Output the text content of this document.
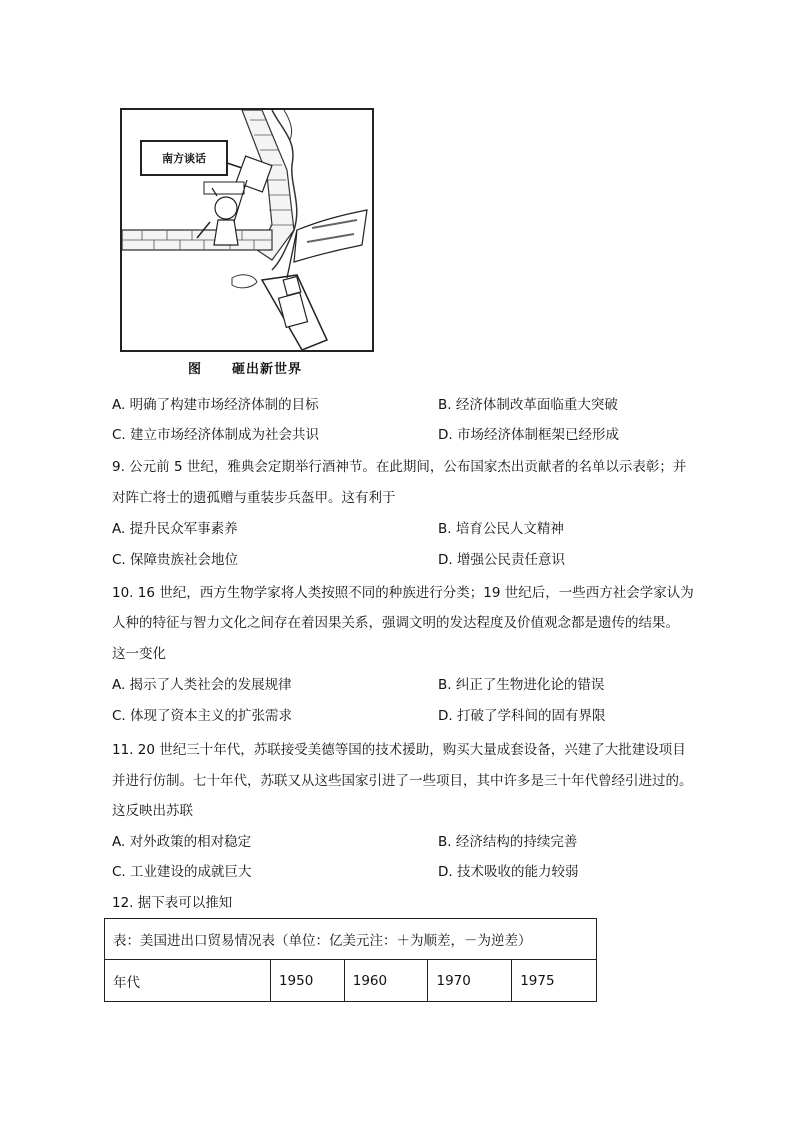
南方谈话
图 砸出新世界
A. 明确了构建市场经济体制的目标	B. 经济体制改革面临重大突破
C. 建立市场经济体制成为社会共识	D. 市场经济体制框架已经形成
9. 公元前 5 世纪，雅典会定期举行酒神节。在此期间，公布国家杰出贡献者的名单以示表彰；并
对阵亡将士的遗孤赠与重装步兵盔甲。这有利于
A. 提升民众军事素养	B. 培育公民人文精神
C. 保障贵族社会地位	D. 增强公民责任意识
10. 16 世纪，西方生物学家将人类按照不同的种族进行分类；19 世纪后，一些西方社会学家认为
人种的特征与智力文化之间存在着因果关系，强调文明的发达程度及价值观念都是遗传的结果。
这一变化
A. 揭示了人类社会的发展规律	B. 纠正了生物进化论的错误
C. 体现了资本主义的扩张需求	D. 打破了学科间的固有界限
11. 20 世纪三十年代，苏联接受美德等国的技术援助，购买大量成套设备，兴建了大批建设项目
并进行仿制。七十年代，苏联又从这些国家引进了一些项目，其中许多是三十年代曾经引进过的。
这反映出苏联
A. 对外政策的相对稳定	B. 经济结构的持续完善
C. 工业建设的成就巨大	D. 技术吸收的能力较弱
12. 据下表可以推知
表：美国进出口贸易情况表（单位：亿美元注：＋为顺差，－为逆差）
年代	1950	1960	1970	1975
